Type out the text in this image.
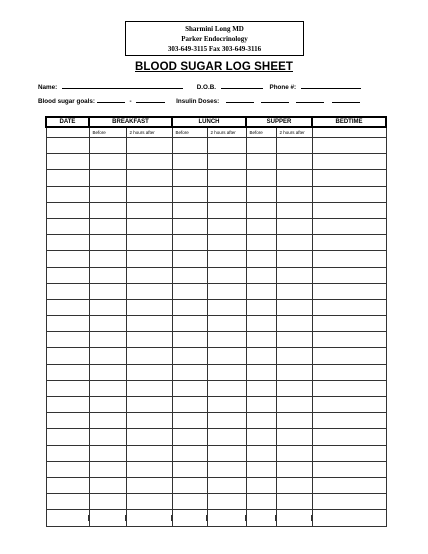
Sharmini Long MD
Parker Endocrinology
303-649-3115 Fax 303-649-3116
BLOOD SUGAR LOG SHEET
Name:	D.O.B.	Phone #:
Blood sugar goals:	-	Insulin Doses:
DATE	BREAKFAST		LUNCH		SUPPER		BEDTIME
	Before	2 hours after	Before	2 hours after	Before	2 hours after	
